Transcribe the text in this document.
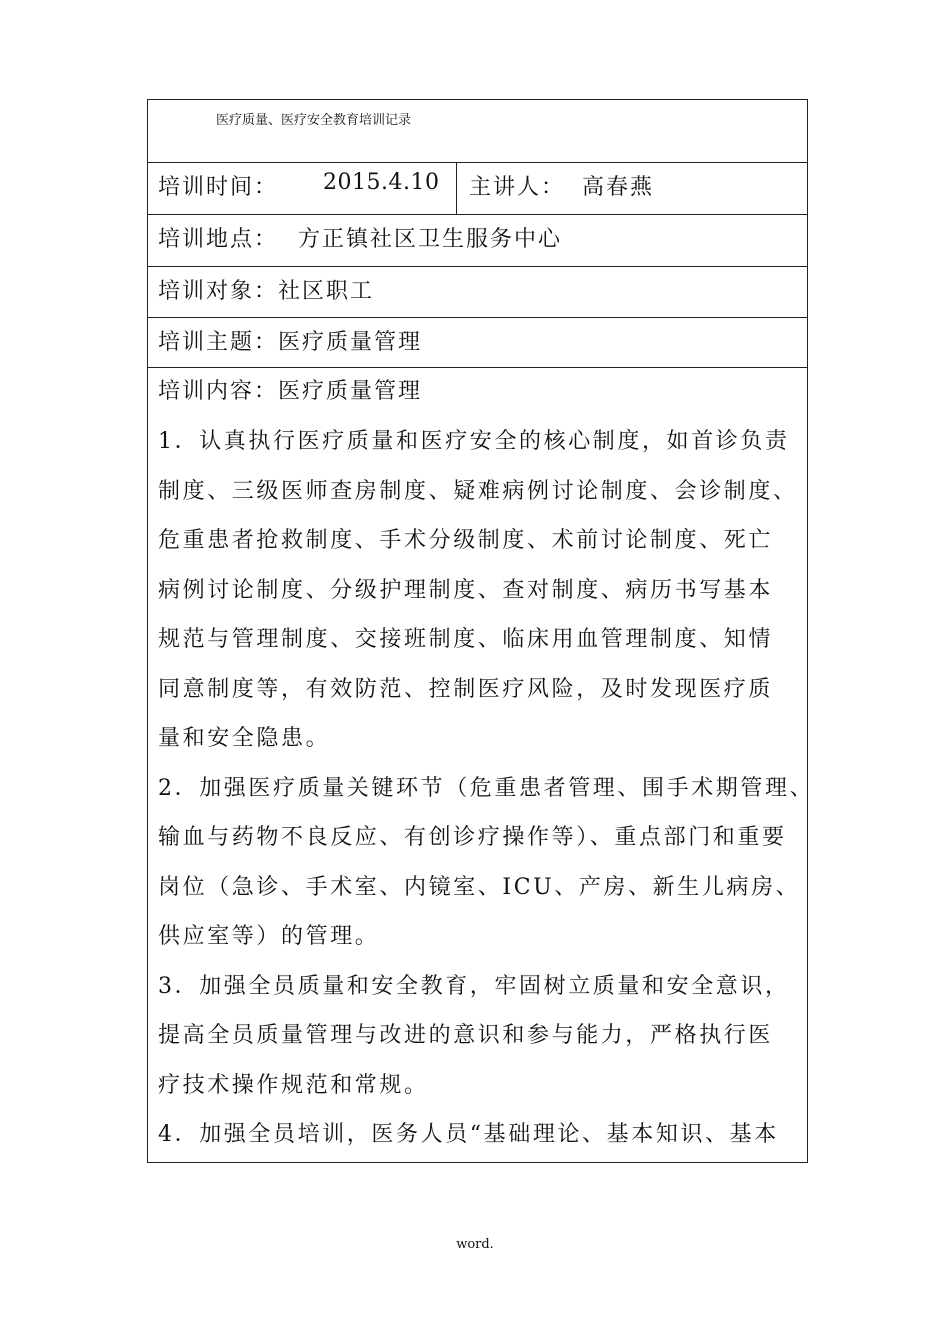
医疗质量、医疗安全教育培训记录
培训时间： 2015.4.10 主讲人： 高春燕
培训地点： 方正镇社区卫生服务中心
培训对象： 社区职工
培训主题： 医疗质量管理
培训内容： 医疗质量管理
1．认真执行医疗质量和医疗安全的核心制度，如首诊负责
制度、三级医师查房制度、疑难病例讨论制度、会诊制度、
危重患者抢救制度、手术分级制度、术前讨论制度、死亡
病例讨论制度、分级护理制度、查对制度、病历书写基本
规范与管理制度、交接班制度、临床用血管理制度、知情
同意制度等，有效防范、控制医疗风险，及时发现医疗质
量和安全隐患。
2．加强医疗质量关键环节（危重患者管理、围手术期管理、
输血与药物不良反应、有创诊疗操作等）、重点部门和重要
岗位（急诊、手术室、内镜室、ICU、产房、新生儿病房、
供应室等）的管理。
3．加强全员质量和安全教育，牢固树立质量和安全意识，
提高全员质量管理与改进的意识和参与能力，严格执行医
疗技术操作规范和常规。
4．加强全员培训，医务人员“基础理论、基本知识、基本
word.
